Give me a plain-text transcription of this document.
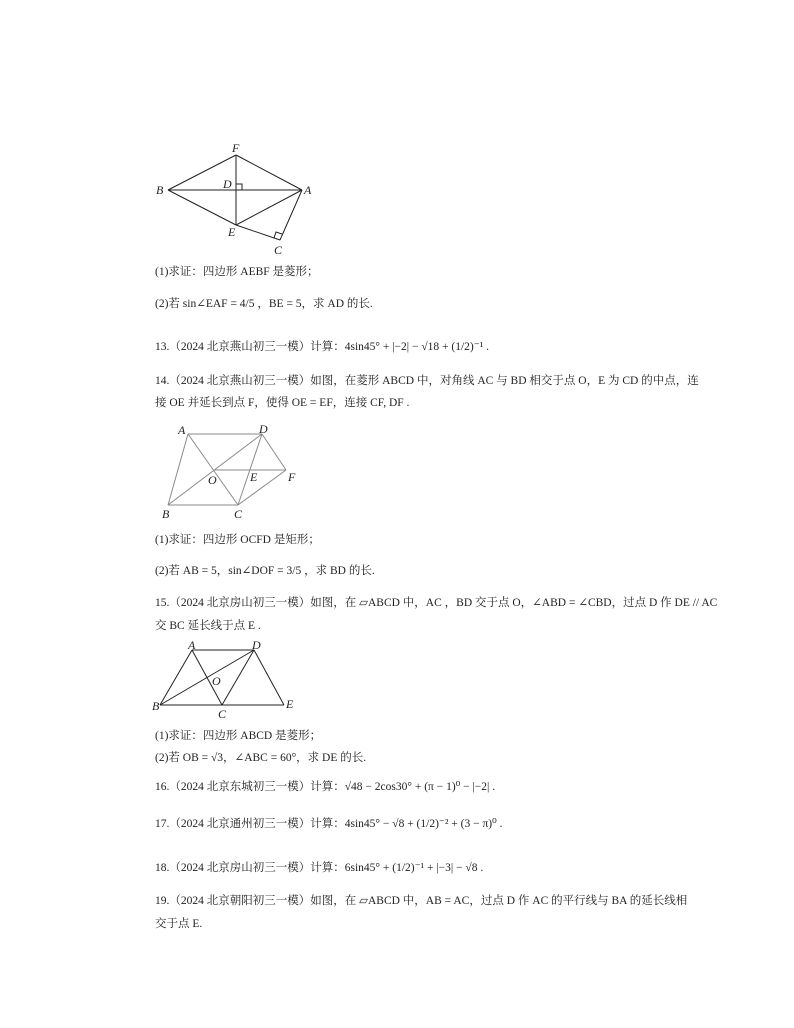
F
B	D	A
E
C
(1)求证：四边形 AEBF 是菱形；
(2)若 sin∠EAF = 4/5 ，BE = 5，求 AD 的长.
13.（2024 北京燕山初三一模）计算：4sin45° + |−2| − √18 + (1/2)⁻¹ .
14.（2024 北京燕山初三一模）如图，在菱形 ABCD 中，对角线 AC 与 BD 相交于点 O，E 为 CD 的中点，连
接 OE 并延长到点 F，使得 OE = EF，连接 CF, DF .
A	D
O	E	F
B	C
(1)求证：四边形 OCFD 是矩形；
(2)若 AB = 5，sin∠DOF = 3/5 ，求 BD 的长.
15.（2024 北京房山初三一模）如图，在 ▱ABCD 中，AC ，BD 交于点 O，∠ABD = ∠CBD，过点 D 作 DE // AC
交 BC 延长线于点 E .
A	D
O
B
C
E
(1)求证：四边形 ABCD 是菱形；
(2)若 OB = √3，∠ABC = 60°，求 DE 的长.
16.（2024 北京东城初三一模）计算：√48 − 2cos30° + (π − 1)⁰ − |−2| .
17.（2024 北京通州初三一模）计算：4sin45° − √8 + (1/2)⁻² + (3 − π)⁰ .
18.（2024 北京房山初三一模）计算：6sin45° + (1/2)⁻¹ + |−3| − √8 .
19.（2024 北京朝阳初三一模）如图，在 ▱ABCD 中，AB = AC，过点 D 作 AC 的平行线与 BA 的延长线相
交于点 E.
